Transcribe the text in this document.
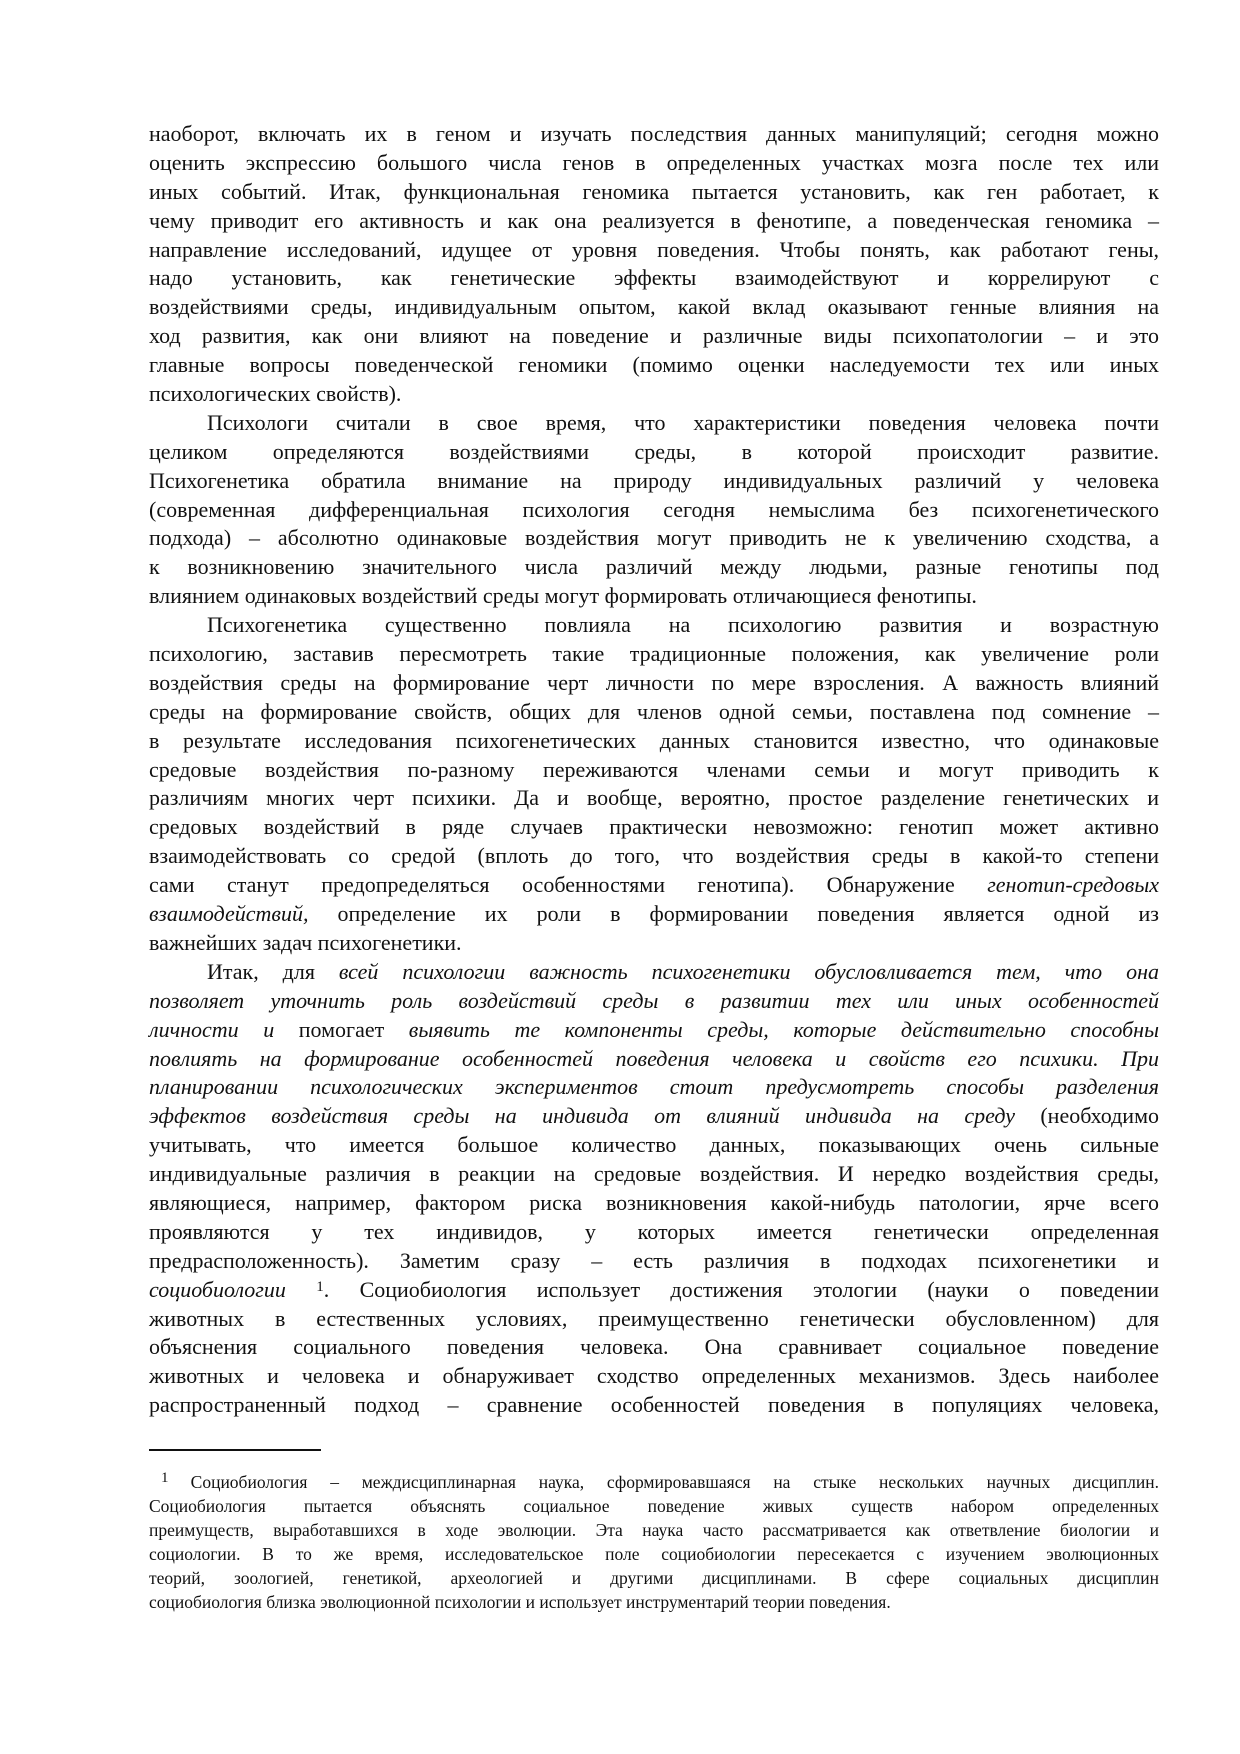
наоборот, включать их в геном и изучать последствия данных манипуляций; сегодня можно
оценить экспрессию большого числа генов в определенных участках мозга после тех или
иных событий. Итак, функциональная геномика пытается установить, как ген работает, к
чему приводит его активность и как она реализуется в фенотипе, а поведенческая геномика –
направление исследований, идущее от уровня поведения. Чтобы понять, как работают гены,
надо установить, как генетические эффекты взаимодействуют и коррелируют с
воздействиями среды, индивидуальным опытом, какой вклад оказывают генные влияния на
ход развития, как они влияют на поведение и различные виды психопатологии – и это
главные вопросы поведенческой геномики (помимо оценки наследуемости тех или иных
психологических свойств).
Психологи считали в свое время, что характеристики поведения человека почти
целиком определяются воздействиями среды, в которой происходит развитие.
Психогенетика обратила внимание на природу индивидуальных различий у человека
(современная дифференциальная психология сегодня немыслима без психогенетического
подхода) – абсолютно одинаковые воздействия могут приводить не к увеличению сходства, а
к возникновению значительного числа различий между людьми, разные генотипы под
влиянием одинаковых воздействий среды могут формировать отличающиеся фенотипы.
Психогенетика существенно повлияла на психологию развития и возрастную
психологию, заставив пересмотреть такие традиционные положения, как увеличение роли
воздействия среды на формирование черт личности по мере взросления. А важность влияний
среды на формирование свойств, общих для членов одной семьи, поставлена под сомнение –
в результате исследования психогенетических данных становится известно, что одинаковые
средовые воздействия по-разному переживаются членами семьи и могут приводить к
различиям многих черт психики. Да и вообще, вероятно, простое разделение генетических и
средовых воздействий в ряде случаев практически невозможно: генотип может активно
взаимодействовать со средой (вплоть до того, что воздействия среды в какой-то степени
сами станут предопределяться особенностями генотипа). Обнаружение генотип-средовых
взаимодействий, определение их роли в формировании поведения является одной из
важнейших задач психогенетики.
Итак, для всей психологии важность психогенетики обусловливается тем, что она
позволяет уточнить роль воздействий среды в развитии тех или иных особенностей
личности и помогает выявить те компоненты среды, которые действительно способны
повлиять на формирование особенностей поведения человека и свойств его психики. При
планировании психологических экспериментов стоит предусмотреть способы разделения
эффектов воздействия среды на индивида от влияний индивида на среду (необходимо
учитывать, что имеется большое количество данных, показывающих очень сильные
индивидуальные различия в реакции на средовые воздействия. И нередко воздействия среды,
являющиеся, например, фактором риска возникновения какой-нибудь патологии, ярче всего
проявляются у тех индивидов, у которых имеется генетически определенная
предрасположенность). Заметим сразу – есть различия в подходах психогенетики и
социобиологии $^1$. Социобиология использует достижения этологии (науки о поведении
животных в естественных условиях, преимущественно генетически обусловленном) для
объяснения социального поведения человека. Она сравнивает социальное поведение
животных и человека и обнаруживает сходство определенных механизмов. Здесь наиболее
распространенный подход – сравнение особенностей поведения в популяциях человека,
$^1$ Социобиология – междисциплинарная наука, сформировавшаяся на стыке нескольких научных дисциплин.
Социобиология пытается объяснять социальное поведение живых существ набором определенных
преимуществ, выработавшихся в ходе эволюции. Эта наука часто рассматривается как ответвление биологии и
социологии. В то же время, исследовательское поле социобиологии пересекается с изучением эволюционных
теорий, зоологией, генетикой, археологией и другими дисциплинами. В сфере социальных дисциплин
социобиология близка эволюционной психологии и использует инструментарий теории поведения.
